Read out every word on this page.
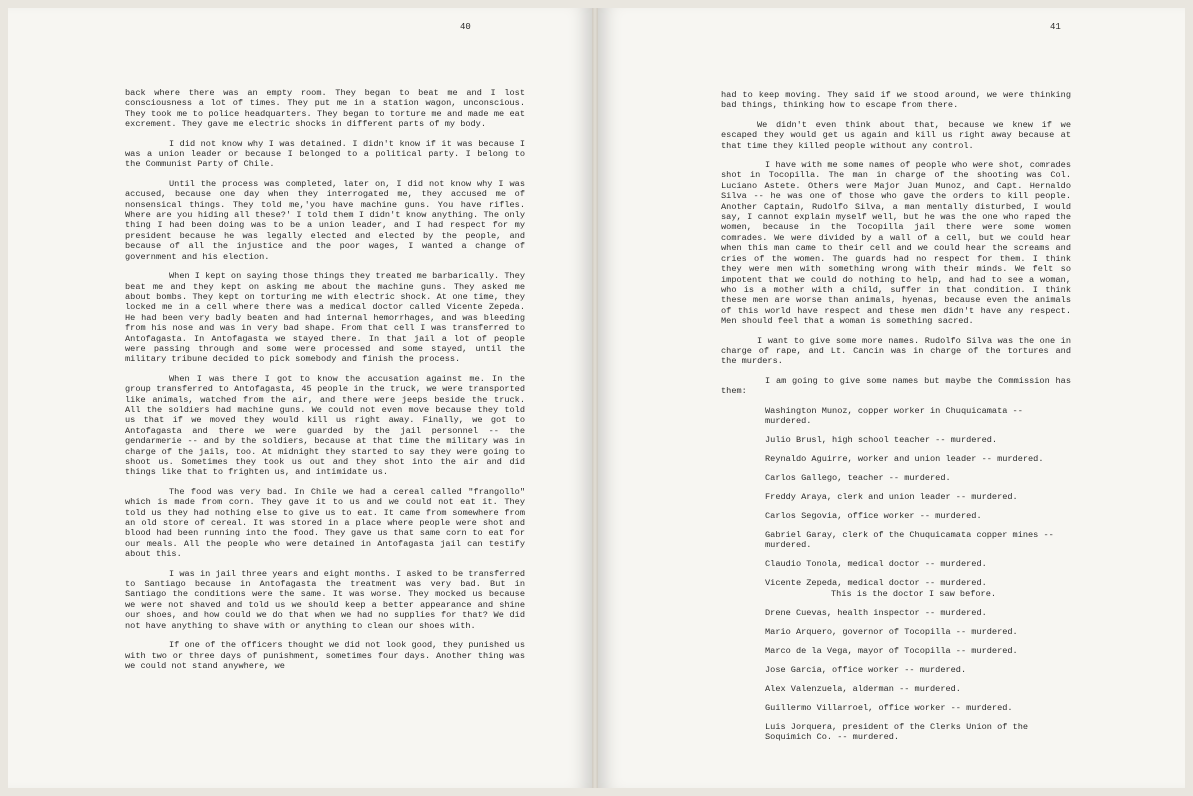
40

back where there was an empty room. They began to beat me and I lost consciousness a lot of times. They put me in a station wagon, unconscious. They took me to police headquarters. They began to torture me and made me eat excrement. They gave me electric shocks in different parts of my body.

I did not know why I was detained. I didn't know if it was because I was a union leader or because I belonged to a political party. I belong to the Communist Party of Chile.

Until the process was completed, later on, I did not know why I was accused, because one day when they interrogated me, they accused me of nonsensical things. They told me,'you have machine guns. You have rifles. Where are you hiding all these?' I told them I didn't know anything. The only thing I had been doing was to be a union leader, and I had respect for my president because he was legally elected and elected by the people, and because of all the injustice and the poor wages, I wanted a change of government and his election.

When I kept on saying those things they treated me barbarically. They beat me and they kept on asking me about the machine guns. They asked me about bombs. They kept on torturing me with electric shock. At one time, they locked me in a cell where there was a medical doctor called Vicente Zepeda. He had been very badly beaten and had internal hemorrhages, and was bleeding from his nose and was in very bad shape. From that cell I was transferred to Antofagasta. In Antofagasta we stayed there. In that jail a lot of people were passing through and some were processed and some stayed, until the military tribune decided to pick somebody and finish the process.

When I was there I got to know the accusation against me. In the group transferred to Antofagasta, 45 people in the truck, we were transported like animals, watched from the air, and there were jeeps beside the truck. All the soldiers had machine guns. We could not even move because they told us that if we moved they would kill us right away. Finally, we got to Antofagasta and there we were guarded by the jail personnel -- the gendarmerie -- and by the soldiers, because at that time the military was in charge of the jails, too. At midnight they started to say they were going to shoot us. Sometimes they took us out and they shot into the air and did things like that to frighten us, and intimidate us.

The food was very bad. In Chile we had a cereal called "frangollo" which is made from corn. They gave it to us and we could not eat it. They told us they had nothing else to give us to eat. It came from somewhere from an old store of cereal. It was stored in a place where people were shot and blood had been running into the food. They gave us that same corn to eat for our meals. All the people who were detained in Antofagasta jail can testify about this.

I was in jail three years and eight months. I asked to be transferred to Santiago because in Antofagasta the treatment was very bad. But in Santiago the conditions were the same. It was worse. They mocked us because we were not shaved and told us we should keep a better appearance and shine our shoes, and how could we do that when we had no supplies for that? We did not have anything to shave with or anything to clean our shoes with.

If one of the officers thought we did not look good, they punished us with two or three days of punishment, sometimes four days. Another thing was we could not stand anywhere, we

41

had to keep moving. They said if we stood around, we were thinking bad things, thinking how to escape from there.

We didn't even think about that, because we knew if we escaped they would get us again and kill us right away because at that time they killed people without any control.

I have with me some names of people who were shot, comrades shot in Tocopilla. The man in charge of the shooting was Col. Luciano Astete. Others were Major Juan Munoz, and Capt. Hernaldo Silva -- he was one of those who gave the orders to kill people. Another Captain, Rudolfo Silva, a man mentally disturbed, I would say, I cannot explain myself well, but he was the one who raped the women, because in the Tocopilla jail there were some women comrades. We were divided by a wall of a cell, but we could hear when this man came to their cell and we could hear the screams and cries of the women. The guards had no respect for them. I think they were men with something wrong with their minds. We felt so impotent that we could do nothing to help, and had to see a woman, who is a mother with a child, suffer in that condition. I think these men are worse than animals, hyenas, because even the animals of this world have respect and these men didn't have any respect. Men should feel that a woman is something sacred.

I want to give some more names. Rudolfo Silva was the one in charge of rape, and Lt. Cancin was in charge of the tortures and the murders.

I am going to give some names but maybe the Commission has them:

Washington Munoz, copper worker in Chuquicamata -- murdered.
Julio Brusl, high school teacher -- murdered.
Reynaldo Aguirre, worker and union leader -- murdered.
Carlos Gallego, teacher -- murdered.
Freddy Araya, clerk and union leader -- murdered.
Carlos Segovia, office worker -- murdered.
Gabriel Garay, clerk of the Chuquicamata copper mines -- murdered.
Claudio Tonola, medical doctor -- murdered.
Vicente Zepeda, medical doctor -- murdered.
This is the doctor I saw before.
Drene Cuevas, health inspector -- murdered.
Mario Arquero, governor of Tocopilla -- murdered.
Marco de la Vega, mayor of Tocopilla -- murdered.
Jose Garcia, office worker -- murdered.
Alex Valenzuela, alderman -- murdered.
Guillermo Villarroel, office worker -- murdered.
Luis Jorquera, president of the Clerks Union of the Soquimich Co. -- murdered.
